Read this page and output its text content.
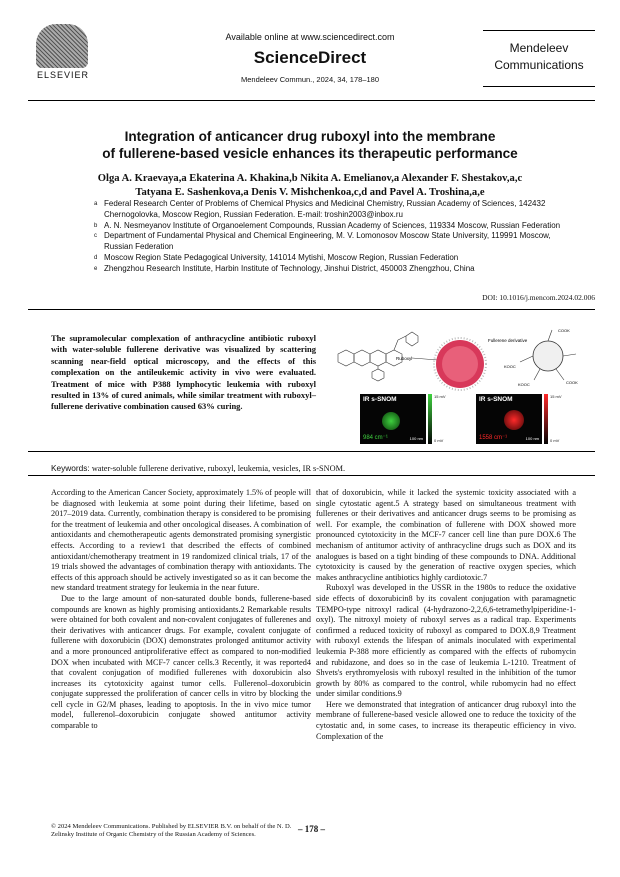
ELSEVIER
Available online at www.sciencedirect.com
ScienceDirect
Mendeleev Commun., 2024, 34, 178–180
Mendeleev
Communications
Integration of anticancer drug ruboxyl into the membrane
of fullerene-based vesicle enhances its therapeutic performance
Olga A. Kraevaya,a Ekaterina A. Khakina,b Nikita A. Emelianov,a Alexander F. Shestakov,a,c
Tatyana E. Sashenkova,a Denis V. Mishchenkoa,c,d and Pavel A. Troshina,a,e

a Federal Research Center of Problems of Chemical Physics and Medicinal Chemistry, Russian Academy of Sciences, 142432 Chernogolovka, Moscow Region, Russian Federation. E-mail: troshin2003@inbox.ru

b A. N. Nesmeyanov Institute of Organoelement Compounds, Russian Academy of Sciences, 119334 Moscow, Russian Federation

c Department of Fundamental Physical and Chemical Engineering, M. V. Lomonosov Moscow State University, 119991 Moscow, Russian Federation

d Moscow Region State Pedagogical University, 141014 Mytishi, Moscow Region, Russian Federation

e Zhengzhou Research Institute, Harbin Institute of Technology, Jinshui District, 450003 Zhengzhou, China

DOI: 10.1016/j.mencom.2024.02.006
The supramolecular complexation of anthracycline antibiotic ruboxyl with water-soluble fullerene derivative was visualized by scattering scanning near-field optical microscopy, and the effects of this complexation on the antileukemic activity in vivo were evaluated. Treatment of mice with P388 lymphocytic leukemia with ruboxyl resulted in 13% of cured animals, while similar treatment with ruboxyl–fullerene derivative combination caused 63% curing.
Ruboxyl
Fullerene derivative
COOK
COOK
KOOC
KOOC
IR s-SNOM
984 cm⁻¹	100 nm
15 mV
0 mV
IR s-SNOM
1558 cm⁻¹	100 nm
15 mV
0 mV
Keywords: water-soluble fullerene derivative, ruboxyl, leukemia, vesicles, IR s-SNOM.

According to the American Cancer Society, approximately 1.5% of people will be diagnosed with leukemia at some point during their lifetime, based on 2017–2019 data. Currently, combination therapy is considered to be promising for the treatment of leukemia and other oncological diseases. A combination of antioxidants and chemotherapeutic agents demonstrated promising synergistic effects. According to a review1 that described the effects of combined antioxidant/chemotherapy treatment in 19 randomized clinical trials, 17 of the 19 trials showed the advantages of combination therapy with antioxidants. The effects of this approach should be actively investigated so as it can become the new standard treatment strategy for leukemia in the near future.

Due to the large amount of non-saturated double bonds, fullerene-based compounds are known as highly promising antioxidants.2 Remarkable results were obtained for both covalent and non-covalent conjugates of fullerenes and their derivatives with anticancer drugs. For example, covalent conjugate of fullerene with doxorubicin (DOX) demonstrates prolonged antitumor activity and a more pronounced antiproliferative effect as compared to non-modified DOX when incubated with MCF-7 cancer cells.3 Recently, it was reported4 that covalent conjugation of modified fullerenes with doxorubicin also increases its cytotoxicity against tumor cells. Fullerenol–doxorubicin conjugate suppressed the proliferation of cancer cells in vitro by blocking the cell cycle in G2/M phases, leading to apoptosis. In the in vivo mice tumor model, fullerenol–doxorubicin conjugate showed antitumor activity comparable to

that of doxorubicin, while it lacked the systemic toxicity associated with a single cytostatic agent.5 A strategy based on simultaneous treatment with fullerenes or their derivatives and anticancer drugs seems to be promising as well. For example, the combination of fullerene with DOX showed more pronounced cytotoxicity in the MCF-7 cancer cell line than pure DOX.6 The mechanism of antitumor activity of anthracycline drugs such as DOX and its analogues is based on a tight binding of these compounds to DNA. Additional cytotoxicity is caused by the generation of reactive oxygen species, which makes anthracycline antibiotics highly cardiotoxic.7

Ruboxyl was developed in the USSR in the 1980s to reduce the oxidative side effects of doxorubicin8 by its covalent conjugation with paramagnetic TEMPO-type nitroxyl radical (4-hydrazono-2,2,6,6-tetramethylpiperidine-1-oxyl). The nitroxyl moiety of ruboxyl serves as a radical trap. Experiments confirmed a reduced toxicity of ruboxyl as compared to DOX.8,9 Treatment with ruboxyl extends the lifespan of animals inoculated with experimental leukemia P-388 more efficiently as compared with the effects of rubomycin and rubidazone, and does so in the case of leukemia L-1210. Treatment of Shvets's erythromyelosis with ruboxyl resulted in the inhibition of the tumor growth by 80% as compared to the control, while rubomycin had no effect under similar conditions.9

Here we demonstrated that integration of anticancer drug ruboxyl into the membrane of fullerene-based vesicle allowed one to reduce the toxicity of the cytostatic and, in some cases, to increase its therapeutic efficiency in vivo. Complexation of the

© 2024 Mendeleev Communications. Published by ELSEVIER B.V. on behalf of the N. D. Zelinsky Institute of Organic Chemistry of the Russian Academy of Sciences.
– 178 –
